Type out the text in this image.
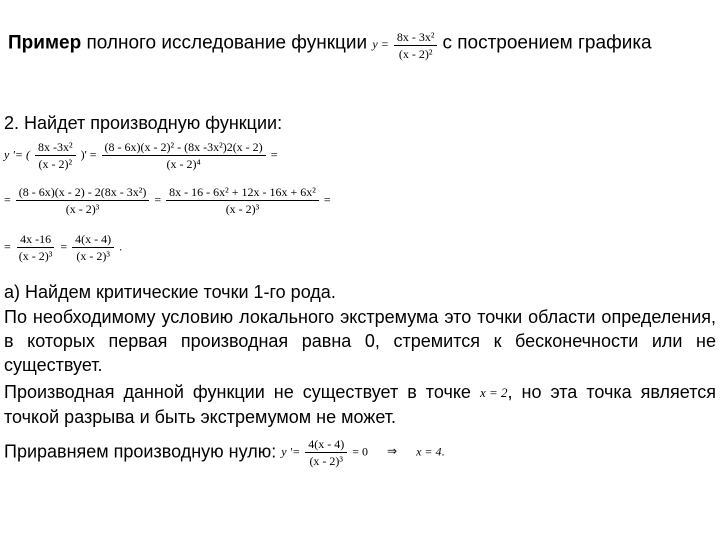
Пример полного исследование функции $y = \frac{\text{8x - 3x²}}{\text{(x - 2)²}}$ с построением графика
2. Найдет производную функции:
y '= ( $\frac{\text{8x -3x²}}{\text{(x - 2)²}}$ )' = $\frac{\text{(8 - 6x)(x - 2)² - (8x -3x²)2(x - 2)}}{\text{(x - 2)⁴}}$ =
= $\frac{\text{(8 - 6x)(x - 2) - 2(8x - 3x²)}}{\text{(x - 2)³}} = \frac{\text{8x - 16 - 6x² + 12x - 16x + 6x²}}{\text{(x - 2)³}}$ =
= $\frac{4x -16}{\text{(x - 2)³}} = \frac{4(x - 4)}{\text{(x - 2)³}}$ .
а) Найдем критические точки 1-го рода.
По необходимому условию локального экстремума это точки области определения, в которых первая производная равна 0, стремится к бесконечности или не существует.
Производная данной функции не существует в точке x = 2, но эта точка является точкой разрыва и быть экстремумом не может.
Приравняем производную нулю: y '= $\frac{4(x - 4)}{\text{(x - 2)³}} = 0$ ⇒ x = 4.
